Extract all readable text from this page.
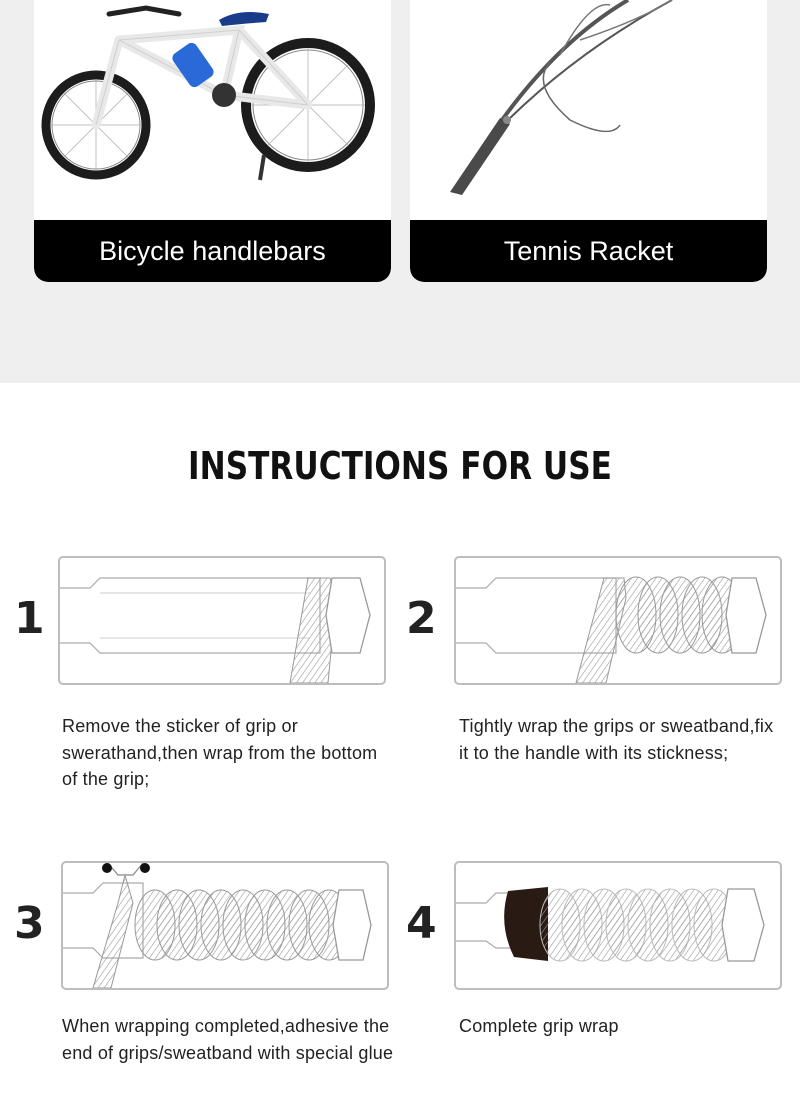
Bicycle handlebars	Tennis Racket
INSTRUCTIONS FOR USE
1
Remove the sticker of grip or swerathand,then wrap from the bottom of the grip;
2
Tightly wrap the grips or sweatband,fix it to the handle with its stickness;
3
When wrapping completed,adhesive the end of grips/sweatband with special glue
4
Complete grip wrap
